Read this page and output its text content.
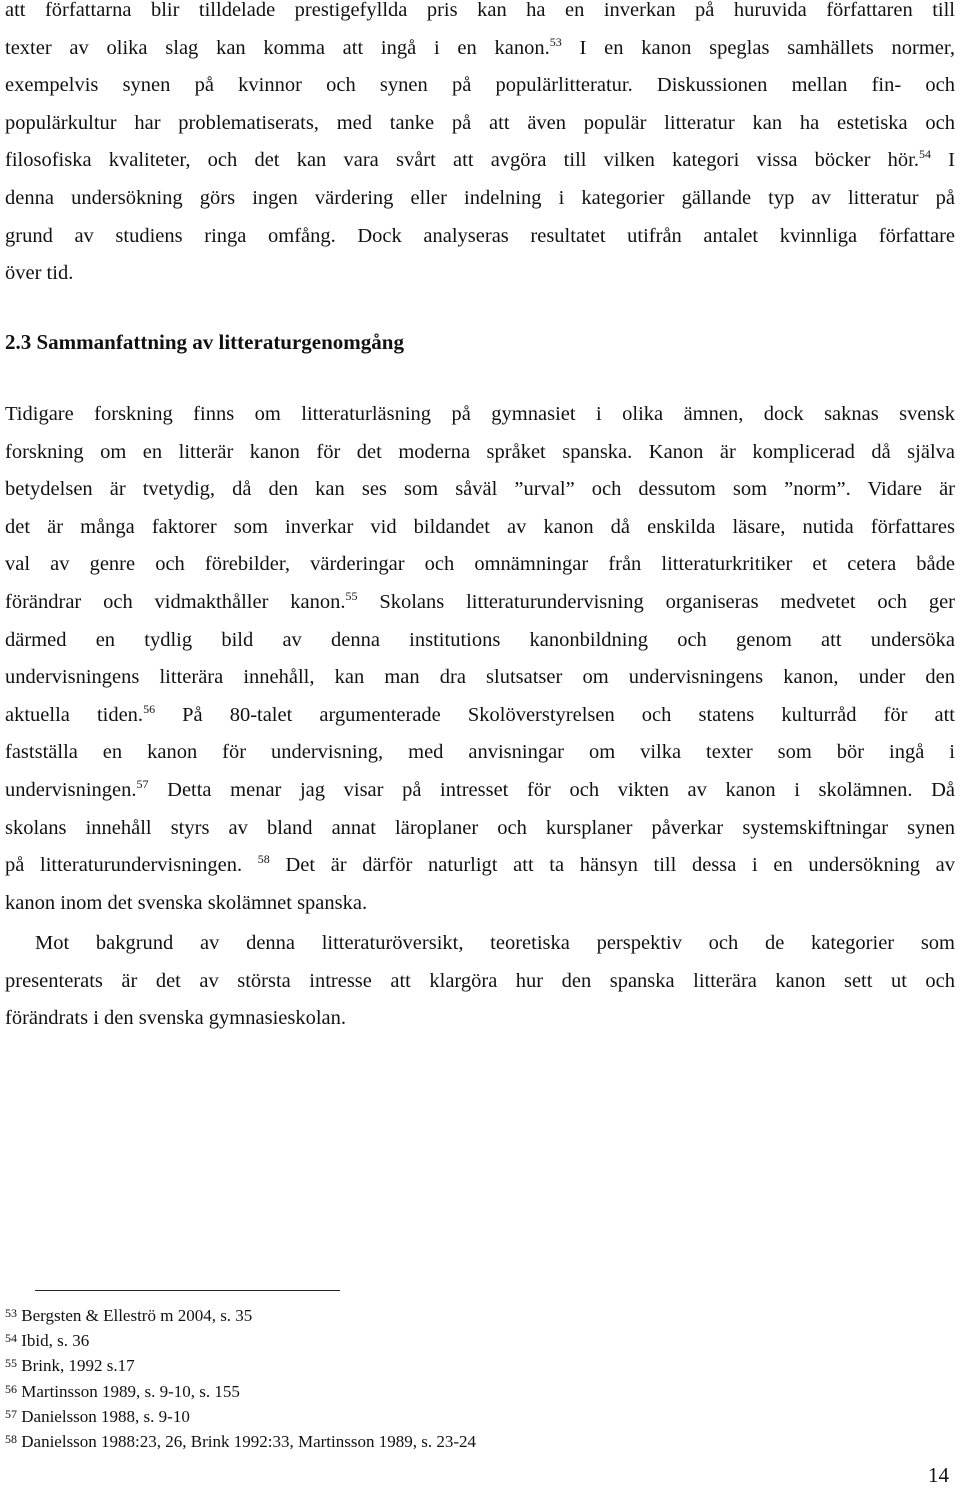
att författarna blir tilldelade prestigefyllda pris kan ha en inverkan på huruvida författaren till
texter av olika slag kan komma att ingå i en kanon.$^{53}$ I en kanon speglas samhällets normer,
exempelvis synen på kvinnor och synen på populärlitteratur. Diskussionen mellan fin- och
populärkultur har problematiserats, med tanke på att även populär litteratur kan ha estetiska och
filosofiska kvaliteter, och det kan vara svårt att avgöra till vilken kategori vissa böcker hör.$^{54}$ I
denna undersökning görs ingen värdering eller indelning i kategorier gällande typ av litteratur på
grund av studiens ringa omfång. Dock analyseras resultatet utifrån antalet kvinnliga författare
över tid.
2.3 Sammanfattning av litteraturgenomgång
Tidigare forskning finns om litteraturläsning på gymnasiet i olika ämnen, dock saknas svensk
forskning om en litterär kanon för det moderna språket spanska. Kanon är komplicerad då själva
betydelsen är tvetydig, då den kan ses som såväl ”urval” och dessutom som ”norm”. Vidare är
det är många faktorer som inverkar vid bildandet av kanon då enskilda läsare, nutida författares
val av genre och förebilder, värderingar och omnämningar från litteraturkritiker et cetera både
förändrar och vidmakthåller kanon.$^{55}$ Skolans litteraturundervisning organiseras medvetet och ger
därmed en tydlig bild av denna institutions kanonbildning och genom att undersöka
undervisningens litterära innehåll, kan man dra slutsatser om undervisningens kanon, under den
aktuella tiden.$^{56}$ På 80-talet argumenterade Skolöverstyrelsen och statens kulturråd för att
fastställa en kanon för undervisning, med anvisningar om vilka texter som bör ingå i
undervisningen.$^{57}$ Detta menar jag visar på intresset för och vikten av kanon i skolämnen. Då
skolans innehåll styrs av bland annat läroplaner och kursplaner påverkar systemskiftningar synen
på litteraturundervisningen. $^{58}$ Det är därför naturligt att ta hänsyn till dessa i en undersökning av
kanon inom det svenska skolämnet spanska.
Mot bakgrund av denna litteraturöversikt, teoretiska perspektiv och de kategorier som
presenterats är det av största intresse att klargöra hur den spanska litterära kanon sett ut och
förändrats i den svenska gymnasieskolan.
$^{53}$ Bergsten & Elleströ m 2004, s. 35
$^{54}$ Ibid, s. 36
$^{55}$ Brink, 1992 s.17
$^{56}$ Martinsson 1989, s. 9-10, s. 155
$^{57}$ Danielsson 1988, s. 9-10
$^{58}$ Danielsson 1988:23, 26, Brink 1992:33, Martinsson 1989, s. 23-24
14
